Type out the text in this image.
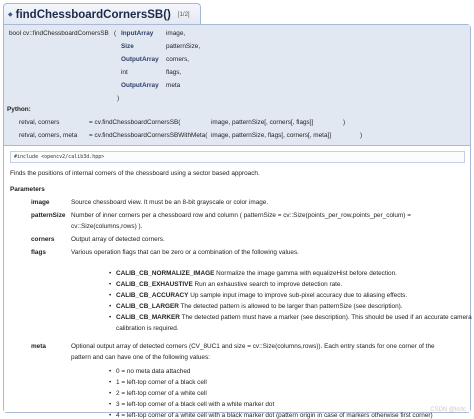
◆ findChessboardCornersSB() [1/2]
bool cv::findChessboardCornersSB ( InputArray image,
Size	patternSize,
OutputArray corners,
int	flags,
OutputArray meta
)
Python:
retval, corners	= cv.findChessboardCornersSB(	image, patternSize[, corners[, flags]]	)
retval, corners, meta = cv.findChessboardCornersSBWithMeta( image, patternSize, flags[, corners[, meta]]	)
#include <opencv2/calib3d.hpp>
Finds the positions of internal corners of the chessboard using a sector based approach.
Parameters
image	Source chessboard view. It must be an 8-bit grayscale or color image.
patternSize Number of inner corners per a chessboard row and column ( patternSize = cv::Size(points_per_row,points_per_colum) =
cv::Size(columns,rows) ).
corners	Output array of detected corners.
flags	Various operation flags that can be zero or a combination of the following values.
• CALIB_CB_NORMALIZE_IMAGE Normalize the image gamma with equalizeHist before detection.
• CALIB_CB_EXHAUSTIVE Run an exhaustive search to improve detection rate.
• CALIB_CB_ACCURACY Up sample input image to improve sub-pixel accuracy due to aliasing effects.
• CALIB_CB_LARGER The detected pattern is allowed to be larger than patternSize (see description).
• CALIB_CB_MARKER The detected pattern must have a marker (see description). This should be used if an accurate camera
calibration is required.
meta	Optional output array of detected corners (CV_8UC1 and size = cv::Size(columns,rows)). Each entry stands for one corner of the
pattern and can have one of the following values:
• 0 = no meta data attached
• 1 = left-top corner of a black cell
• 2 = left-top corner of a white cell
• 3 = left-top corner of a black cell with a white marker dot
• 4 = left-top corner of a white cell with a black marker dot (pattern origin in case of markers otherwise first corner)
CSDN @lcrtc
